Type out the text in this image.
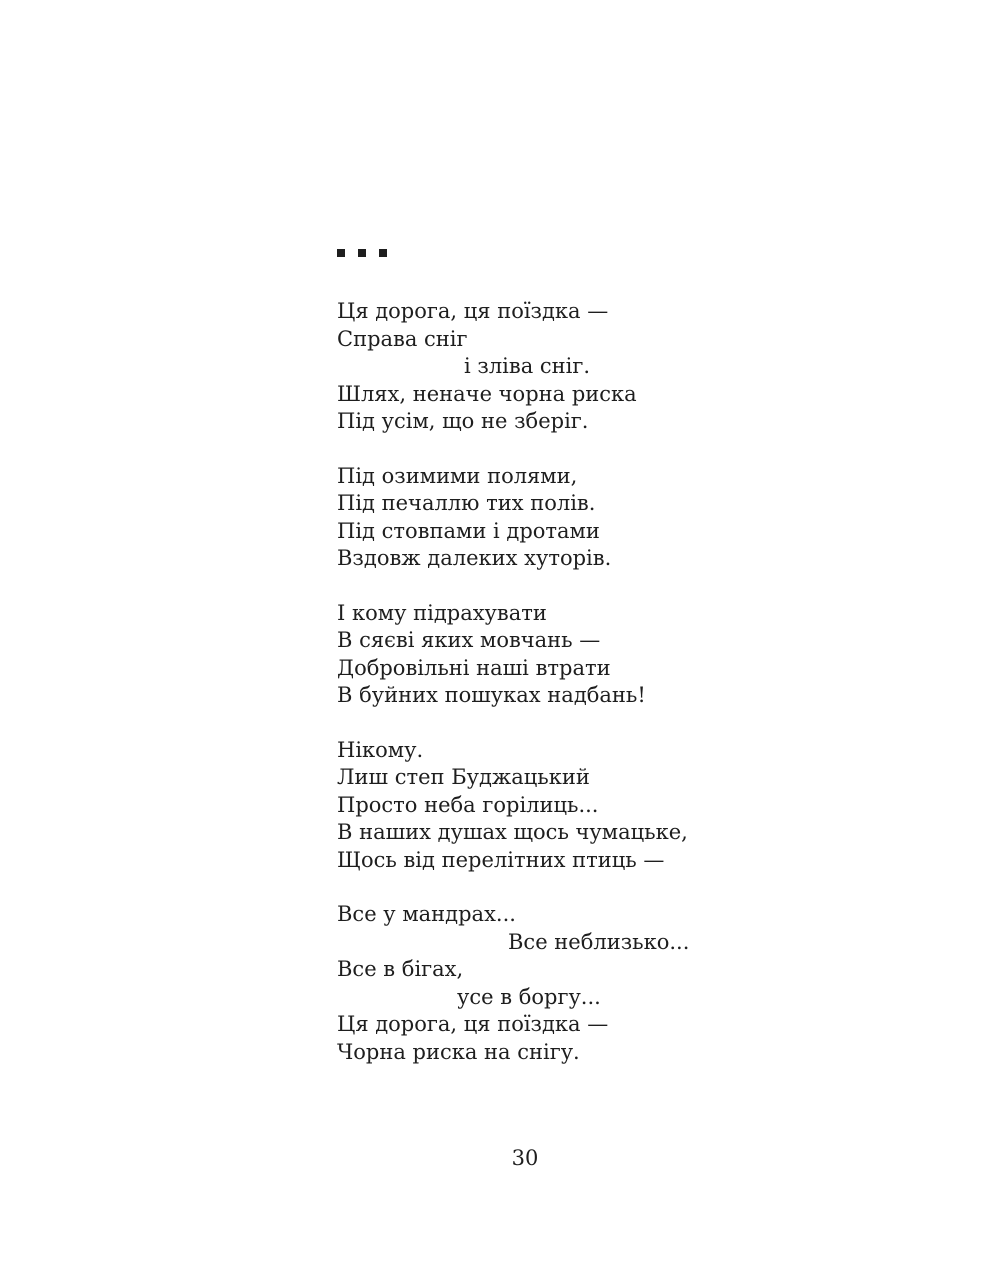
Ця дорога, ця поїздка —
Справа сніг
і зліва сніг.
Шлях, неначе чорна риска
Під усім, що не зберіг.
Під озимими полями,
Під печаллю тих полів.
Під стовпами і дротами
Вздовж далеких хуторів.
І кому підрахувати
В сяєві яких мовчань —
Добровільні наші втрати
В буйних пошуках надбань!
Нікому.
Лиш степ Буджацький
Просто неба горілиць...
В наших душах щось чумацьке,
Щось від перелітних птиць —
Все у мандрах...
Все неблизько...
Все в бігах,
усе в боргу...
Ця дорога, ця поїздка —
Чорна риска на снігу.
30
